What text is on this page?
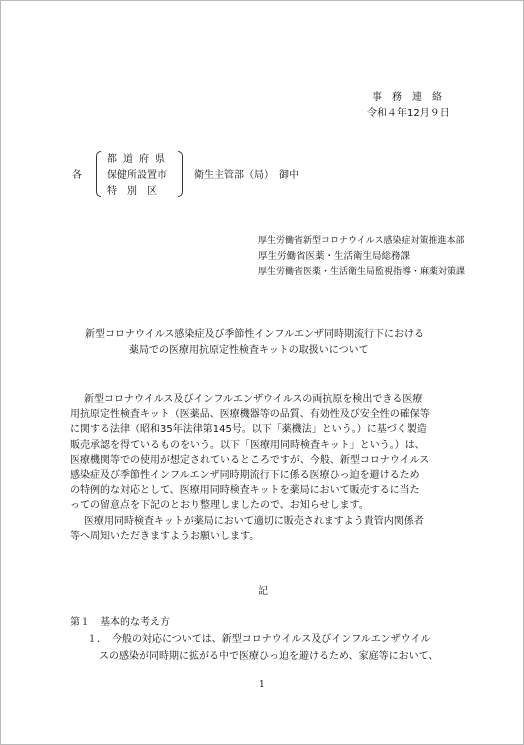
事　務　連　絡
令和４年12月９日
各
都道府県
保健所設置市
特　別　区
衛生主管部（局）　御中
厚生労働省新型コロナウイルス感染症対策推進本部
厚生労働省医薬・生活衛生局総務課
厚生労働省医薬・生活衛生局監視指導・麻薬対策課
新型コロナウイルス感染症及び季節性インフルエンザ同時期流行下における
薬局での医療用抗原定性検査キットの取扱いについて
新型コロナウイルス及びインフルエンザウイルスの両抗原を検出できる医療
用抗原定性検査キット（医薬品、医療機器等の品質、有効性及び安全性の確保等
に関する法律（昭和35年法律第145号。以下「薬機法」という。）に基づく製造
販売承認を得ているものをいう。以下「医療用同時検査キット」という。）は、
医療機関等での使用が想定されているところですが、今般、新型コロナウイルス
感染症及び季節性インフルエンザ同時期流行下に係る医療ひっ迫を避けるため
の特例的な対応として、医療用同時検査キットを薬局において販売するに当た
っての留意点を下記のとおり整理しましたので、お知らせします。
医療用同時検査キットが薬局において適切に販売されますよう貴管内関係者
等へ周知いただきますようお願いします。
記
第１　基本的な考え方
１．　今般の対応については、新型コロナウイルス及びインフルエンザウイル
スの感染が同時期に拡がる中で医療ひっ迫を避けるため、家庭等において、
1
